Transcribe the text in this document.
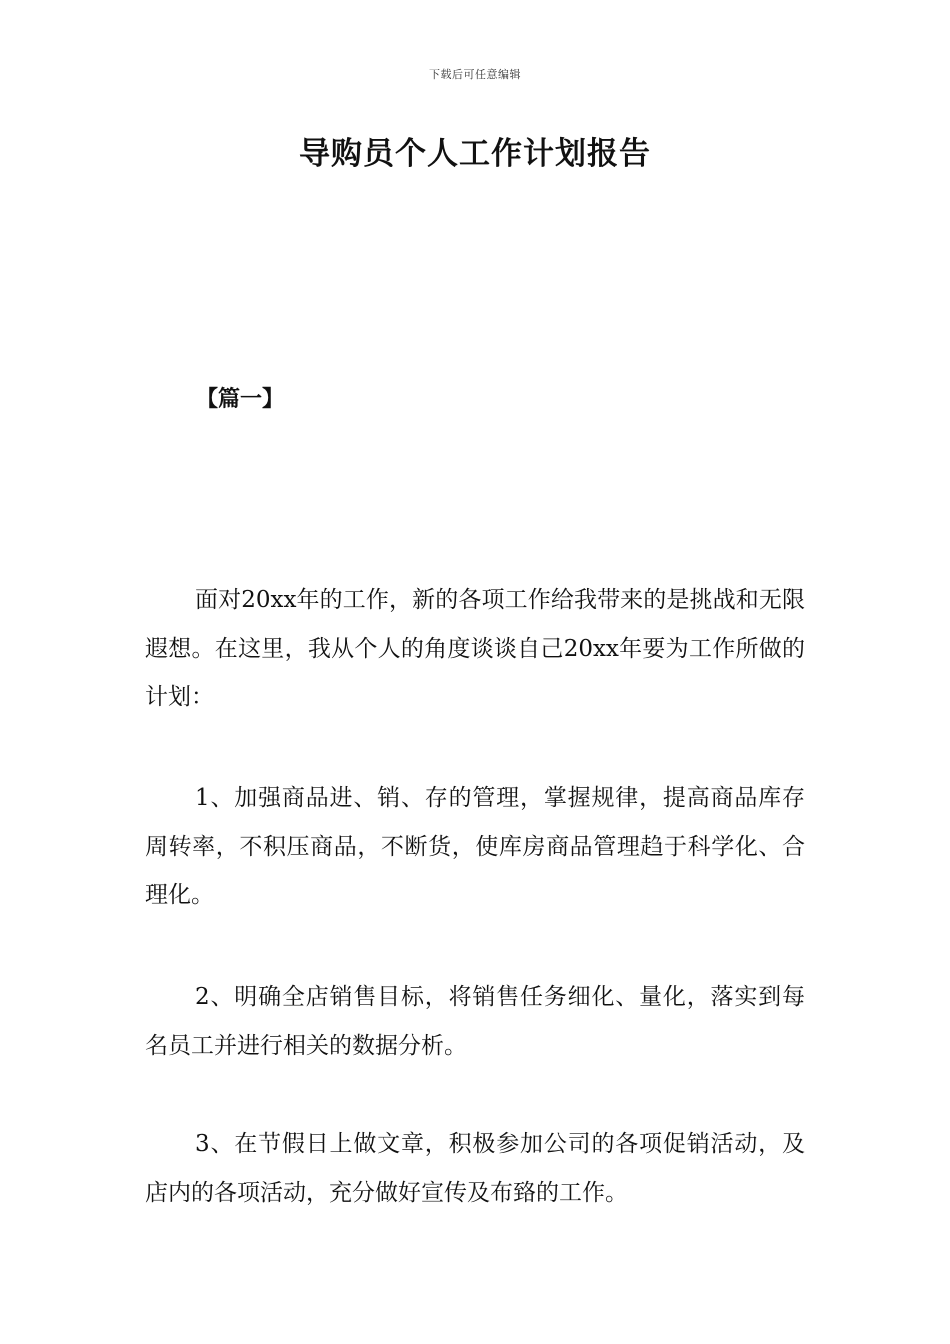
下载后可任意编辑
导购员个人工作计划报告
【篇一】

面对20xx年的工作，新的各项工作给我带来的是挑战和无限遐想。在这里，我从个人的角度谈谈自己20xx年要为工作所做的计划：

1、加强商品进、销、存的管理，掌握规律，提高商品库存周转率，不积压商品，不断货，使库房商品管理趋于科学化、合理化。

2、明确全店销售目标，将销售任务细化、量化，落实到每名员工并进行相关的数据分析。

3、在节假日上做文章，积极参加公司的各项促销活动，及店内的各项活动，充分做好宣传及布臵的工作。
